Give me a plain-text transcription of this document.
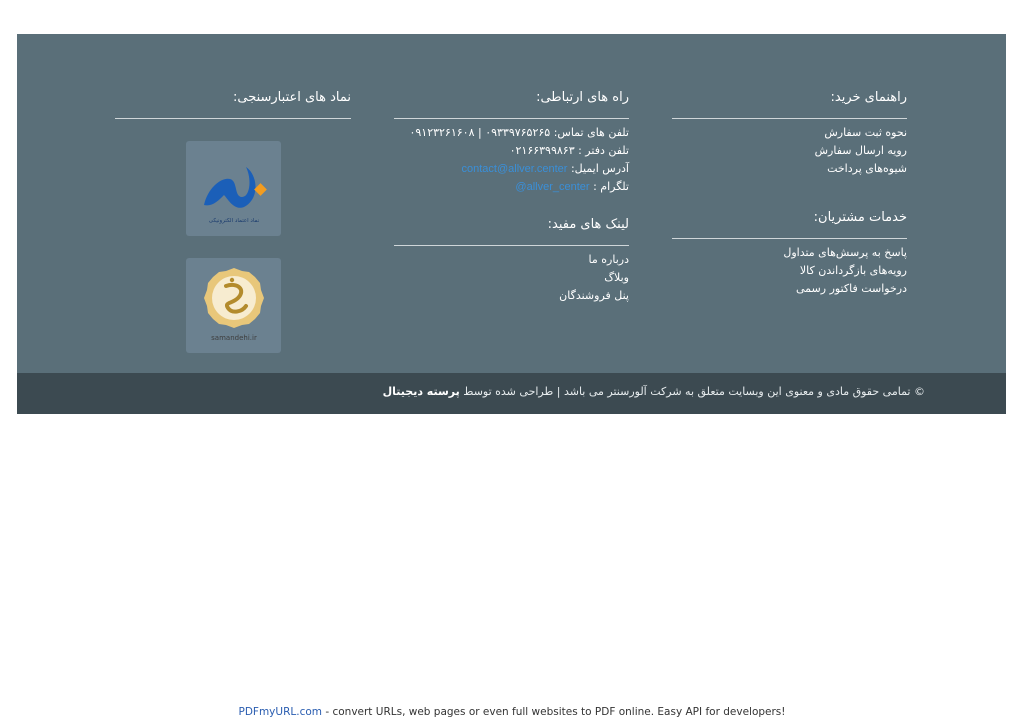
راهنمای خرید:
نحوه ثبت سفارش
رویه ارسال سفارش
شیوه‌های پرداخت
خدمات مشتریان:
پاسخ به پرسش‌های متداول
رویه‌های بازگرداندن کالا
درخواست فاکتور رسمی
راه های ارتباطی:
تلفن های تماس: ۰۹۳۳۹۷۶۵۲۶۵ | ۰۹۱۲۳۲۶۱۶۰۸
تلفن دفتر : ۰۲۱۶۶۳۹۹۸۶۳
آدرس ایمیل: contact@allver.center
تلگرام : @allver_center
لینک های مفید:
درباره ما
وبلاگ
پنل فروشندگان
نماد های اعتبارسنجی:
نماد اعتماد الکترونیکی
samandehi.ir
© تمامی حقوق مادی و معنوی این وبسایت متعلق به شرکت آلورسنتر می باشد | طراحی شده توسط پرسته دیجیتال
PDFmyURL.com - convert URLs, web pages or even full websites to PDF online. Easy API for developers!
